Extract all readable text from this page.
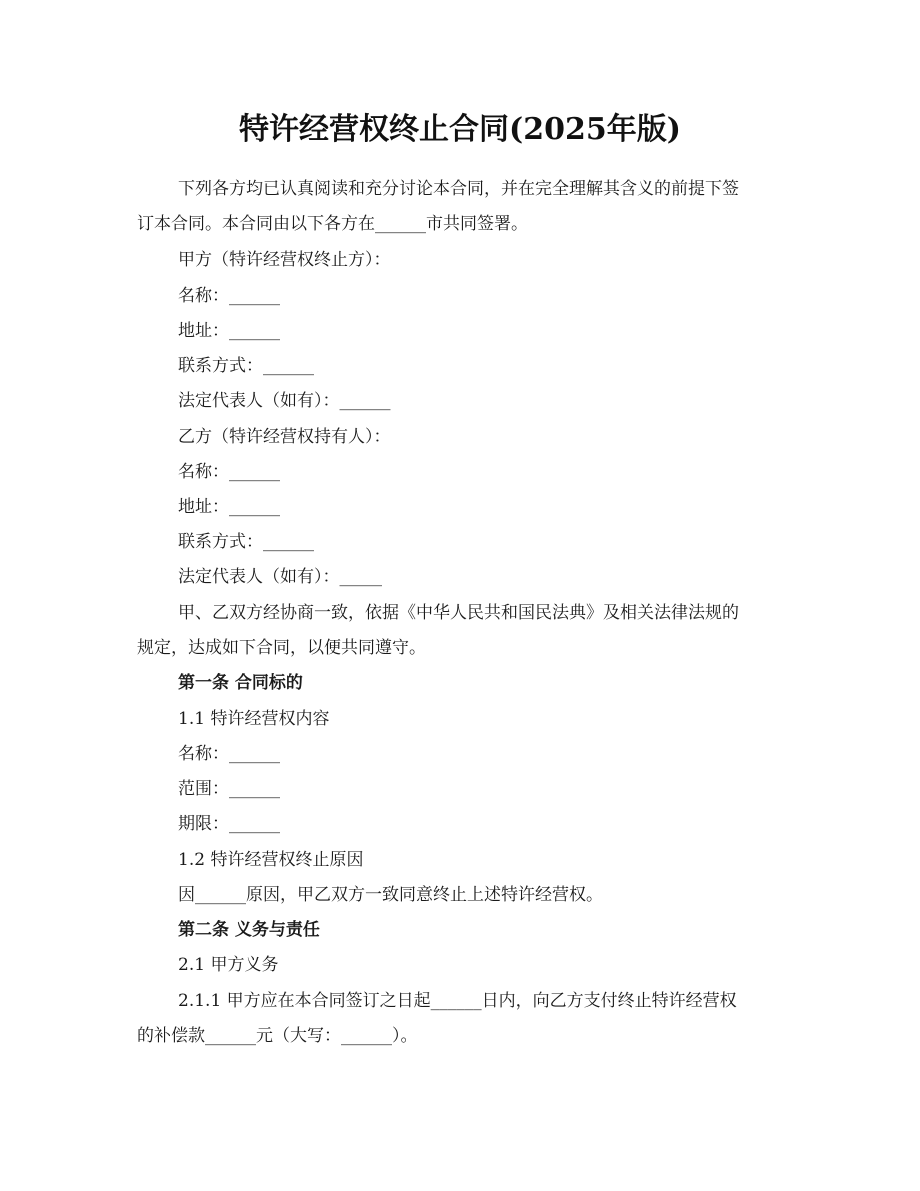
特许经营权终止合同(2025年版)

下列各方均已认真阅读和充分讨论本合同，并在完全理解其含义的前提下签

订本合同。本合同由以下各方在______市共同签署。

甲方（特许经营权终止方）：

名称：______

地址：______

联系方式：______

法定代表人（如有）：______

乙方（特许经营权持有人）：

名称：______

地址：______

联系方式：______

法定代表人（如有）：_____

甲、乙双方经协商一致，依据《中华人民共和国民法典》及相关法律法规的

规定，达成如下合同，以便共同遵守。

第一条 合同标的

1.1 特许经营权内容

名称：______

范围：______

期限：______

1.2 特许经营权终止原因

因______原因，甲乙双方一致同意终止上述特许经营权。

第二条 义务与责任

2.1 甲方义务

2.1.1 甲方应在本合同签订之日起______日内，向乙方支付终止特许经营权

的补偿款______元（大写：______）。
